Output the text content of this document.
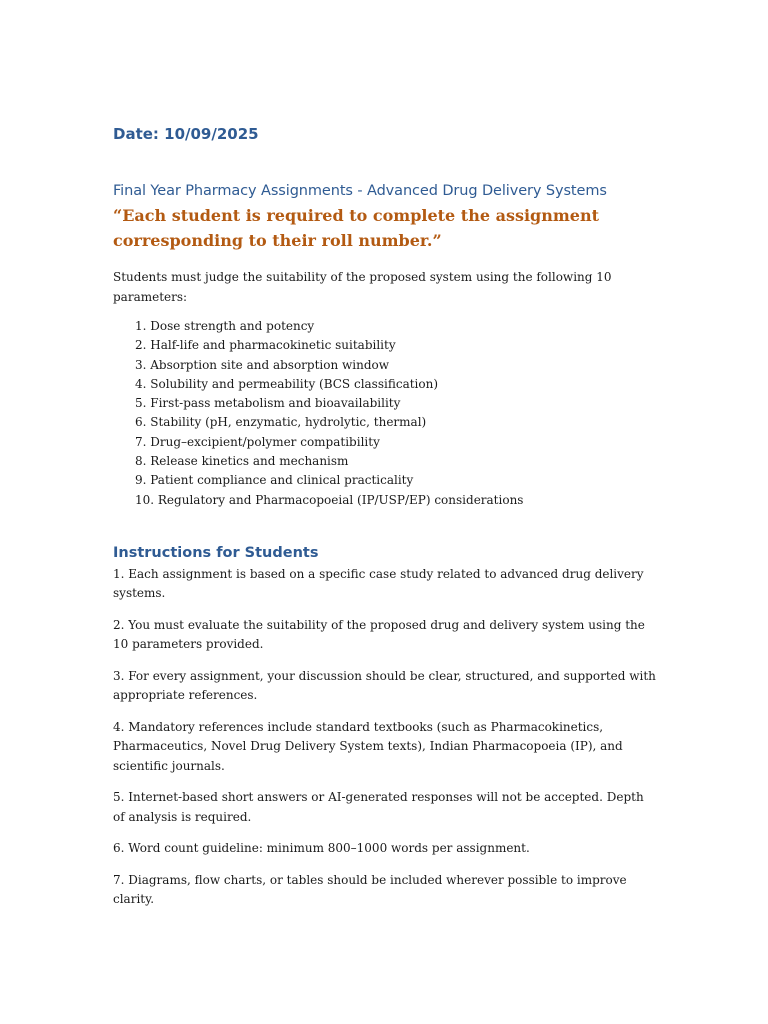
Date: 10/09/2025

Final Year Pharmacy Assignments - Advanced Drug Delivery Systems

“Each student is required to complete the assignment corresponding to their roll number.”

Students must judge the suitability of the proposed system using the following 10 parameters:

1. Dose strength and potency
2. Half-life and pharmacokinetic suitability
3. Absorption site and absorption window
4. Solubility and permeability (BCS classification)
5. First-pass metabolism and bioavailability
6. Stability (pH, enzymatic, hydrolytic, thermal)
7. Drug–excipient/polymer compatibility
8. Release kinetics and mechanism
9. Patient compliance and clinical practicality
10. Regulatory and Pharmacopoeial (IP/USP/EP) considerations
Instructions for Students

1. Each assignment is based on a specific case study related to advanced drug delivery systems.

2. You must evaluate the suitability of the proposed drug and delivery system using the 10 parameters provided.

3. For every assignment, your discussion should be clear, structured, and supported with appropriate references.

4. Mandatory references include standard textbooks (such as Pharmacokinetics, Pharmaceutics, Novel Drug Delivery System texts), Indian Pharmacopoeia (IP), and scientific journals.

5. Internet-based short answers or AI-generated responses will not be accepted. Depth of analysis is required.

6. Word count guideline: minimum 800–1000 words per assignment.

7. Diagrams, flow charts, or tables should be included wherever possible to improve clarity.
